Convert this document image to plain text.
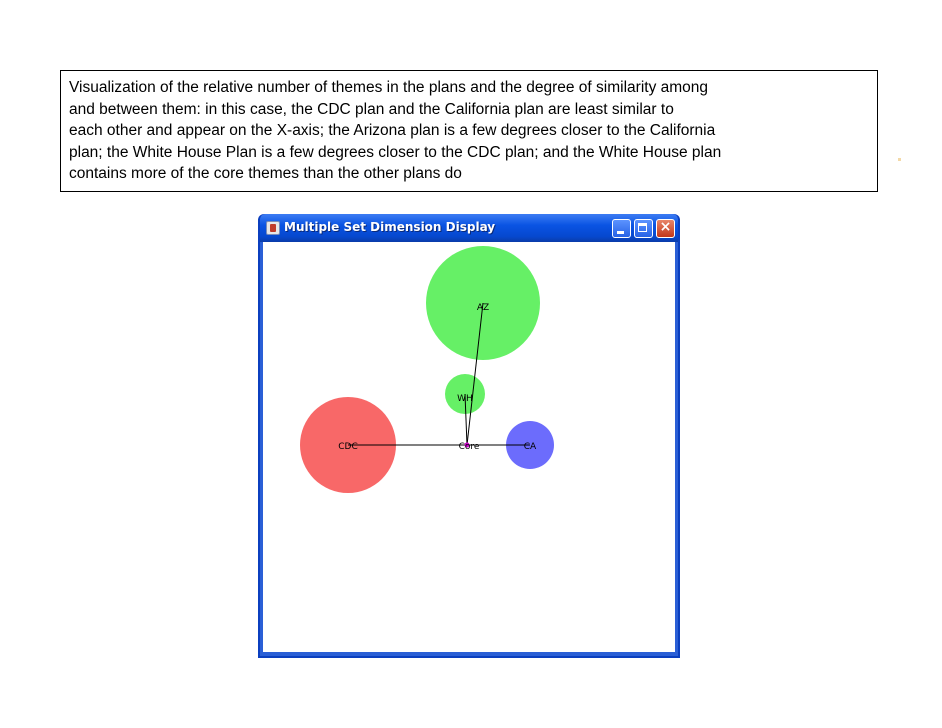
Visualization of the relative number of themes in the plans and the degree of similarity among
and between them: in this case, the CDC plan and the California plan are least similar to
each other and appear on the X-axis; the Arizona plan is a few degrees closer to the California
plan; the White House Plan is a few degrees closer to the CDC plan; and the White House plan
contains more of the core themes than the other plans do
Multiple Set Dimension Display	×
AZ
WH
CDC	CA
Core
